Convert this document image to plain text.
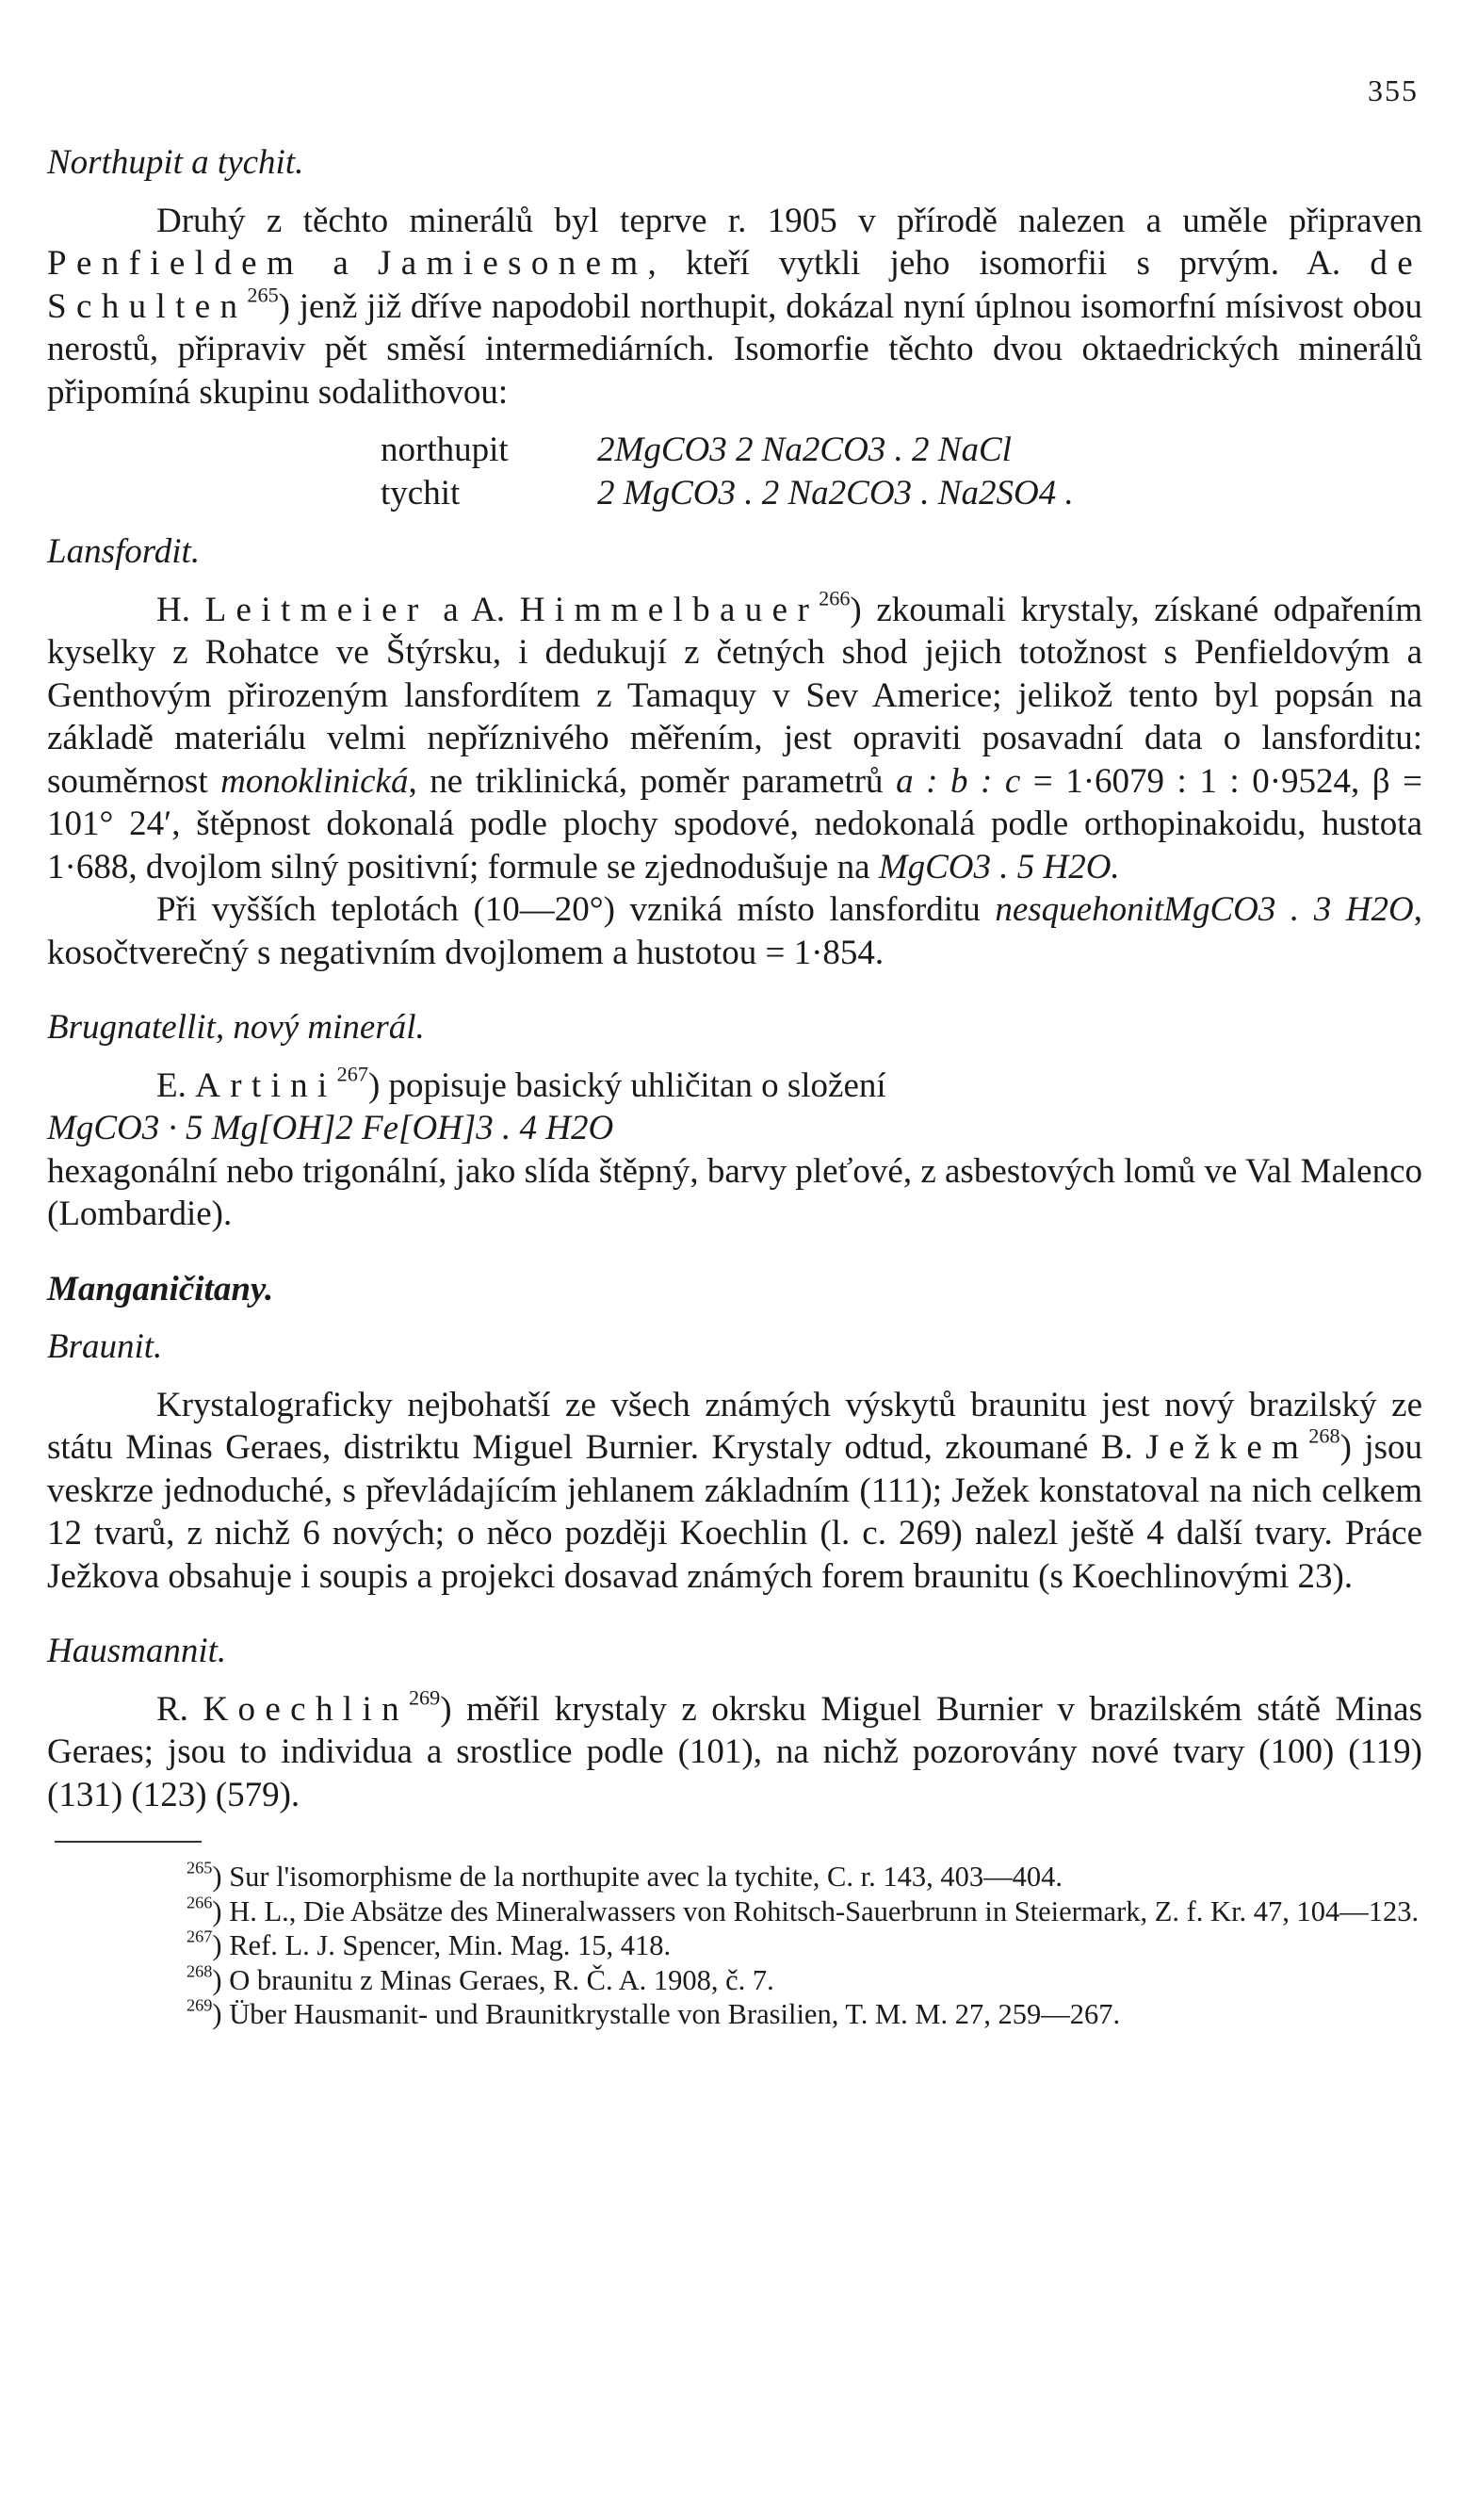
355

Northupit a tychit.

Druhý z těchto minerálů byl teprve r. 1905 v přírodě nalezen a uměle připraven Penfieldem a Jamiesonem, kteří vytkli jeho isomorfii s prvým. A. de Schulten$^{265}$) jenž již dříve napodobil northupit, dokázal nyní úplnou isomorfní mísivost obou nerostů, připraviv pět směsí intermediárních. Isomorfie těchto dvou oktaedrických minerálů připomíná skupinu sodalithovou:

northupit	2MgCO3 2 Na2CO3 . 2 NaCl
tychit	2 MgCO3 . 2 Na2CO3 . Na2SO4 .

Lansfordit.

H. Leitmeier a A. Himmelbauer$^{266}$) zkoumali krystaly, získané odpařením kyselky z Rohatce ve Štýrsku, i dedukují z četných shod jejich totožnost s Penfieldovým a Genthovým přirozeným lansfordítem z Tamaquy v Sev Americe; jelikož tento byl popsán na základě materiálu velmi nepříznivého měřením, jest opraviti posavadní data o lansforditu: souměrnost monoklinická, ne triklinická, poměr parametrů a : b : c = 1·6079 : 1 : 0·9524, β = 101° 24′, štěpnost dokonalá podle plochy spodové, nedokonalá podle orthopinakoidu, hustota 1·688, dvojlom silný positivní; formule se zjednodušuje na MgCO3 . 5 H2O.

Při vyšších teplotách (10—20°) vzniká místo lansforditu nesquehonitMgCO3 . 3 H2O, kosočtverečný s negativním dvojlomem a hustotou = 1·854.

Brugnatellit, nový minerál.

E. Artini$^{267}$) popisuje basický uhličitan o složení

MgCO3 · 5 Mg[OH]2 Fe[OH]3 . 4 H2O

hexagonální nebo trigonální, jako slída štěpný, barvy pleťové, z asbestových lomů ve Val Malenco (Lombardie).

Manganičitany.

Braunit.

Krystalograficky nejbohatší ze všech známých výskytů braunitu jest nový brazilský ze státu Minas Geraes, distriktu Miguel Burnier. Krystaly odtud, zkoumané B. Ježkem$^{268}$) jsou veskrze jednoduché, s převládajícím jehlanem základním (111); Ježek konstatoval na nich celkem 12 tvarů, z nichž 6 nových; o něco později Koechlin (l. c. 269) nalezl ještě 4 další tvary. Práce Ježkova obsahuje i soupis a projekci dosavad známých forem braunitu (s Koechlinovými 23).

Hausmannit.

R. Koechlin$^{269}$) měřil krystaly z okrsku Miguel Burnier v brazilském státě Minas Geraes; jsou to individua a srostlice podle (101), na nichž pozorovány nové tvary (100) (119) (131) (123) (579).

$^{265}$) Sur l'isomorphisme de la northupite avec la tychite, C. r. 143, 403—404.

$^{266}$) H. L., Die Absätze des Mineralwassers von Rohitsch-Sauerbrunn in Steiermark, Z. f. Kr. 47, 104—123.

$^{267}$) Ref. L. J. Spencer, Min. Mag. 15, 418.

$^{268}$) O braunitu z Minas Geraes, R. Č. A. 1908, č. 7.

$^{269}$) Über Hausmanit- und Braunitkrystalle von Brasilien, T. M. M. 27, 259—267.
